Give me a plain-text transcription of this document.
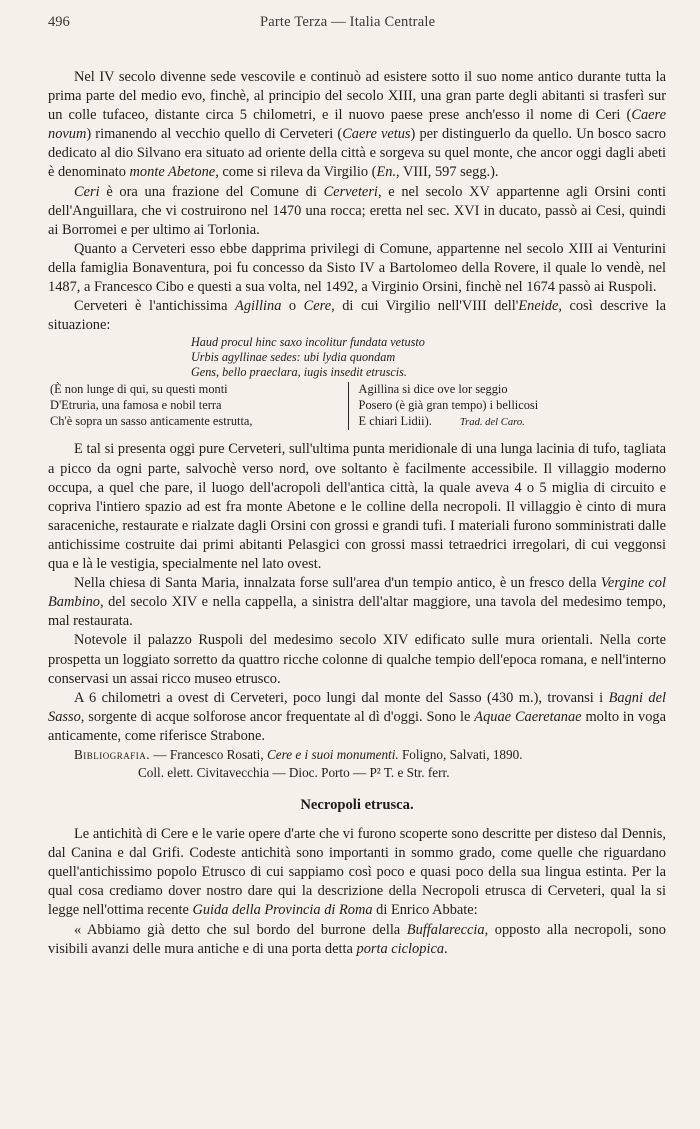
496	Parte Terza — Italia Centrale

Nel IV secolo divenne sede vescovile e continuò ad esistere sotto il suo nome antico durante tutta la prima parte del medio evo, finchè, al principio del secolo XIII, una gran parte degli abitanti si trasferì sur un colle tufaceo, distante circa 5 chilometri, e il nuovo paese prese anch'esso il nome di Ceri (Caere novum) rimanendo al vecchio quello di Cerveteri (Caere vetus) per distinguerlo da quello. Un bosco sacro dedicato al dio Silvano era situato ad oriente della città e sorgeva su quel monte, che ancor oggi dagli abeti è denominato monte Abetone, come si rileva da Virgilio (En., VIII, 597 segg.).

Ceri è ora una frazione del Comune di Cerveteri, e nel secolo XV appartenne agli Orsini conti dell'Anguillara, che vi costruirono nel 1470 una rocca; eretta nel sec. XVI in ducato, passò ai Cesi, quindi ai Borromei e per ultimo ai Torlonia.

Quanto a Cerveteri esso ebbe dapprima privilegi di Comune, appartenne nel secolo XIII ai Venturini della famiglia Bonaventura, poi fu concesso da Sisto IV a Bartolomeo della Rovere, il quale lo vendè, nel 1487, a Francesco Cibo e questi a sua volta, nel 1492, a Virginio Orsini, finchè nel 1674 passò ai Ruspoli.

Cerveteri è l'antichissima Agillina o Cere, di cui Virgilio nell'VIII dell'Eneide, così descrive la situazione:

Haud procul hinc saxo incolitur fundata vetusto

Urbis agyllinae sedes: ubi lydia quondam

Gens, bello praeclara, iugis insedit etruscis.

(È non lunge di qui, su questi monti
D'Etruria, una famosa e nobil terra
Ch'è sopra un sasso anticamente estrutta,
Agillina si dice ove lor seggio
Posero (è già gran tempo) i bellicosi
E chiari Lidii).	Trad. del Caro.

E tal si presenta oggi pure Cerveteri, sull'ultima punta meridionale di una lunga lacinia di tufo, tagliata a picco da ogni parte, salvochè verso nord, ove soltanto è facilmente accessibile. Il villaggio moderno occupa, a quel che pare, il luogo dell'acropoli dell'antica città, la quale aveva 4 o 5 miglia di circuito e copriva l'intiero spazio ad est fra monte Abetone e le colline della necropoli. Il villaggio è cinto di mura saraceniche, restaurate e rialzate dagli Orsini con grossi e grandi tufi. I materiali furono somministrati dalle antichissime costruite dai primi abitanti Pelasgici con grossi massi tetraedrici irregolari, di cui veggonsi qua e là le vestigia, specialmente nel lato ovest.

Nella chiesa di Santa Maria, innalzata forse sull'area d'un tempio antico, è un fresco della Vergine col Bambino, del secolo XIV e nella cappella, a sinistra dell'altar maggiore, una tavola del medesimo tempo, mal restaurata.

Notevole il palazzo Ruspoli del medesimo secolo XIV edificato sulle mura orientali. Nella corte prospetta un loggiato sorretto da quattro ricche colonne di qualche tempio dell'epoca romana, e nell'interno conservasi un assai ricco museo etrusco.

A 6 chilometri a ovest di Cerveteri, poco lungi dal monte del Sasso (430 m.), trovansi i Bagni del Sasso, sorgente di acque solforose ancor frequentate al dì d'oggi. Sono le Aquae Caeretanae molto in voga anticamente, come riferisce Strabone.

Bibliografia. — Francesco Rosati, Cere e i suoi monumenti. Foligno, Salvati, 1890.

Coll. elett. Civitavecchia — Dioc. Porto — P² T. e Str. ferr.

Necropoli etrusca.

Le antichità di Cere e le varie opere d'arte che vi furono scoperte sono descritte per disteso dal Dennis, dal Canina e dal Grifi. Codeste antichità sono importanti in sommo grado, come quelle che riguardano quell'antichissimo popolo Etrusco di cui sappiamo così poco e quasi poco della sua lingua estinta. Per la qual cosa crediamo dover nostro dare qui la descrizione della Necropoli etrusca di Cerveteri, qual la si legge nell'ottima recente Guida della Provincia di Roma di Enrico Abbate:

« Abbiamo già detto che sul bordo del burrone della Buffalareccia, opposto alla necropoli, sono visibili avanzi delle mura antiche e di una porta detta porta ciclopica.
